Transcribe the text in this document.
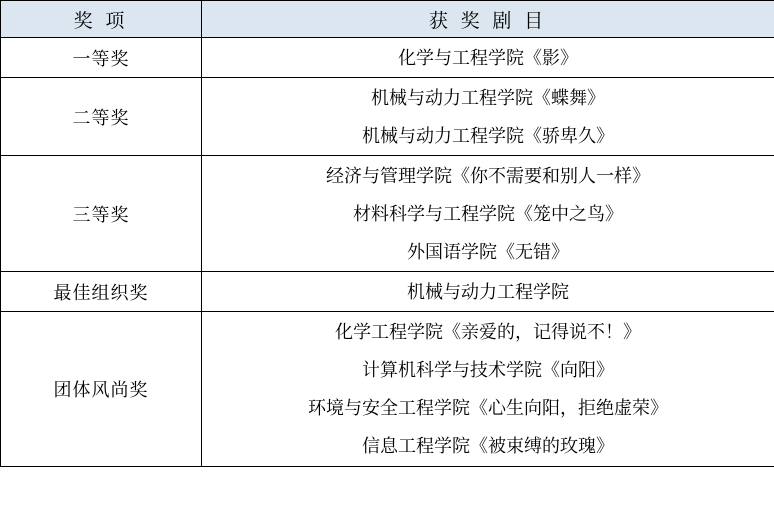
奖 项	获 奖 剧 目
一等奖	化学与工程学院《影》

二等奖	机械与动力工程学院《蝶舞》
机械与动力工程学院《骄卑久》

三等奖	经济与管理学院《你不需要和别人一样》
材料科学与工程学院《笼中之鸟》
外国语学院《无错》

最佳组织奖	机械与动力工程学院

团体风尚奖	化学工程学院《亲爱的，记得说不！》
计算机科学与技术学院《向阳》
环境与安全工程学院《心生向阳，拒绝虚荣》
信息工程学院《被束缚的玫瑰》
